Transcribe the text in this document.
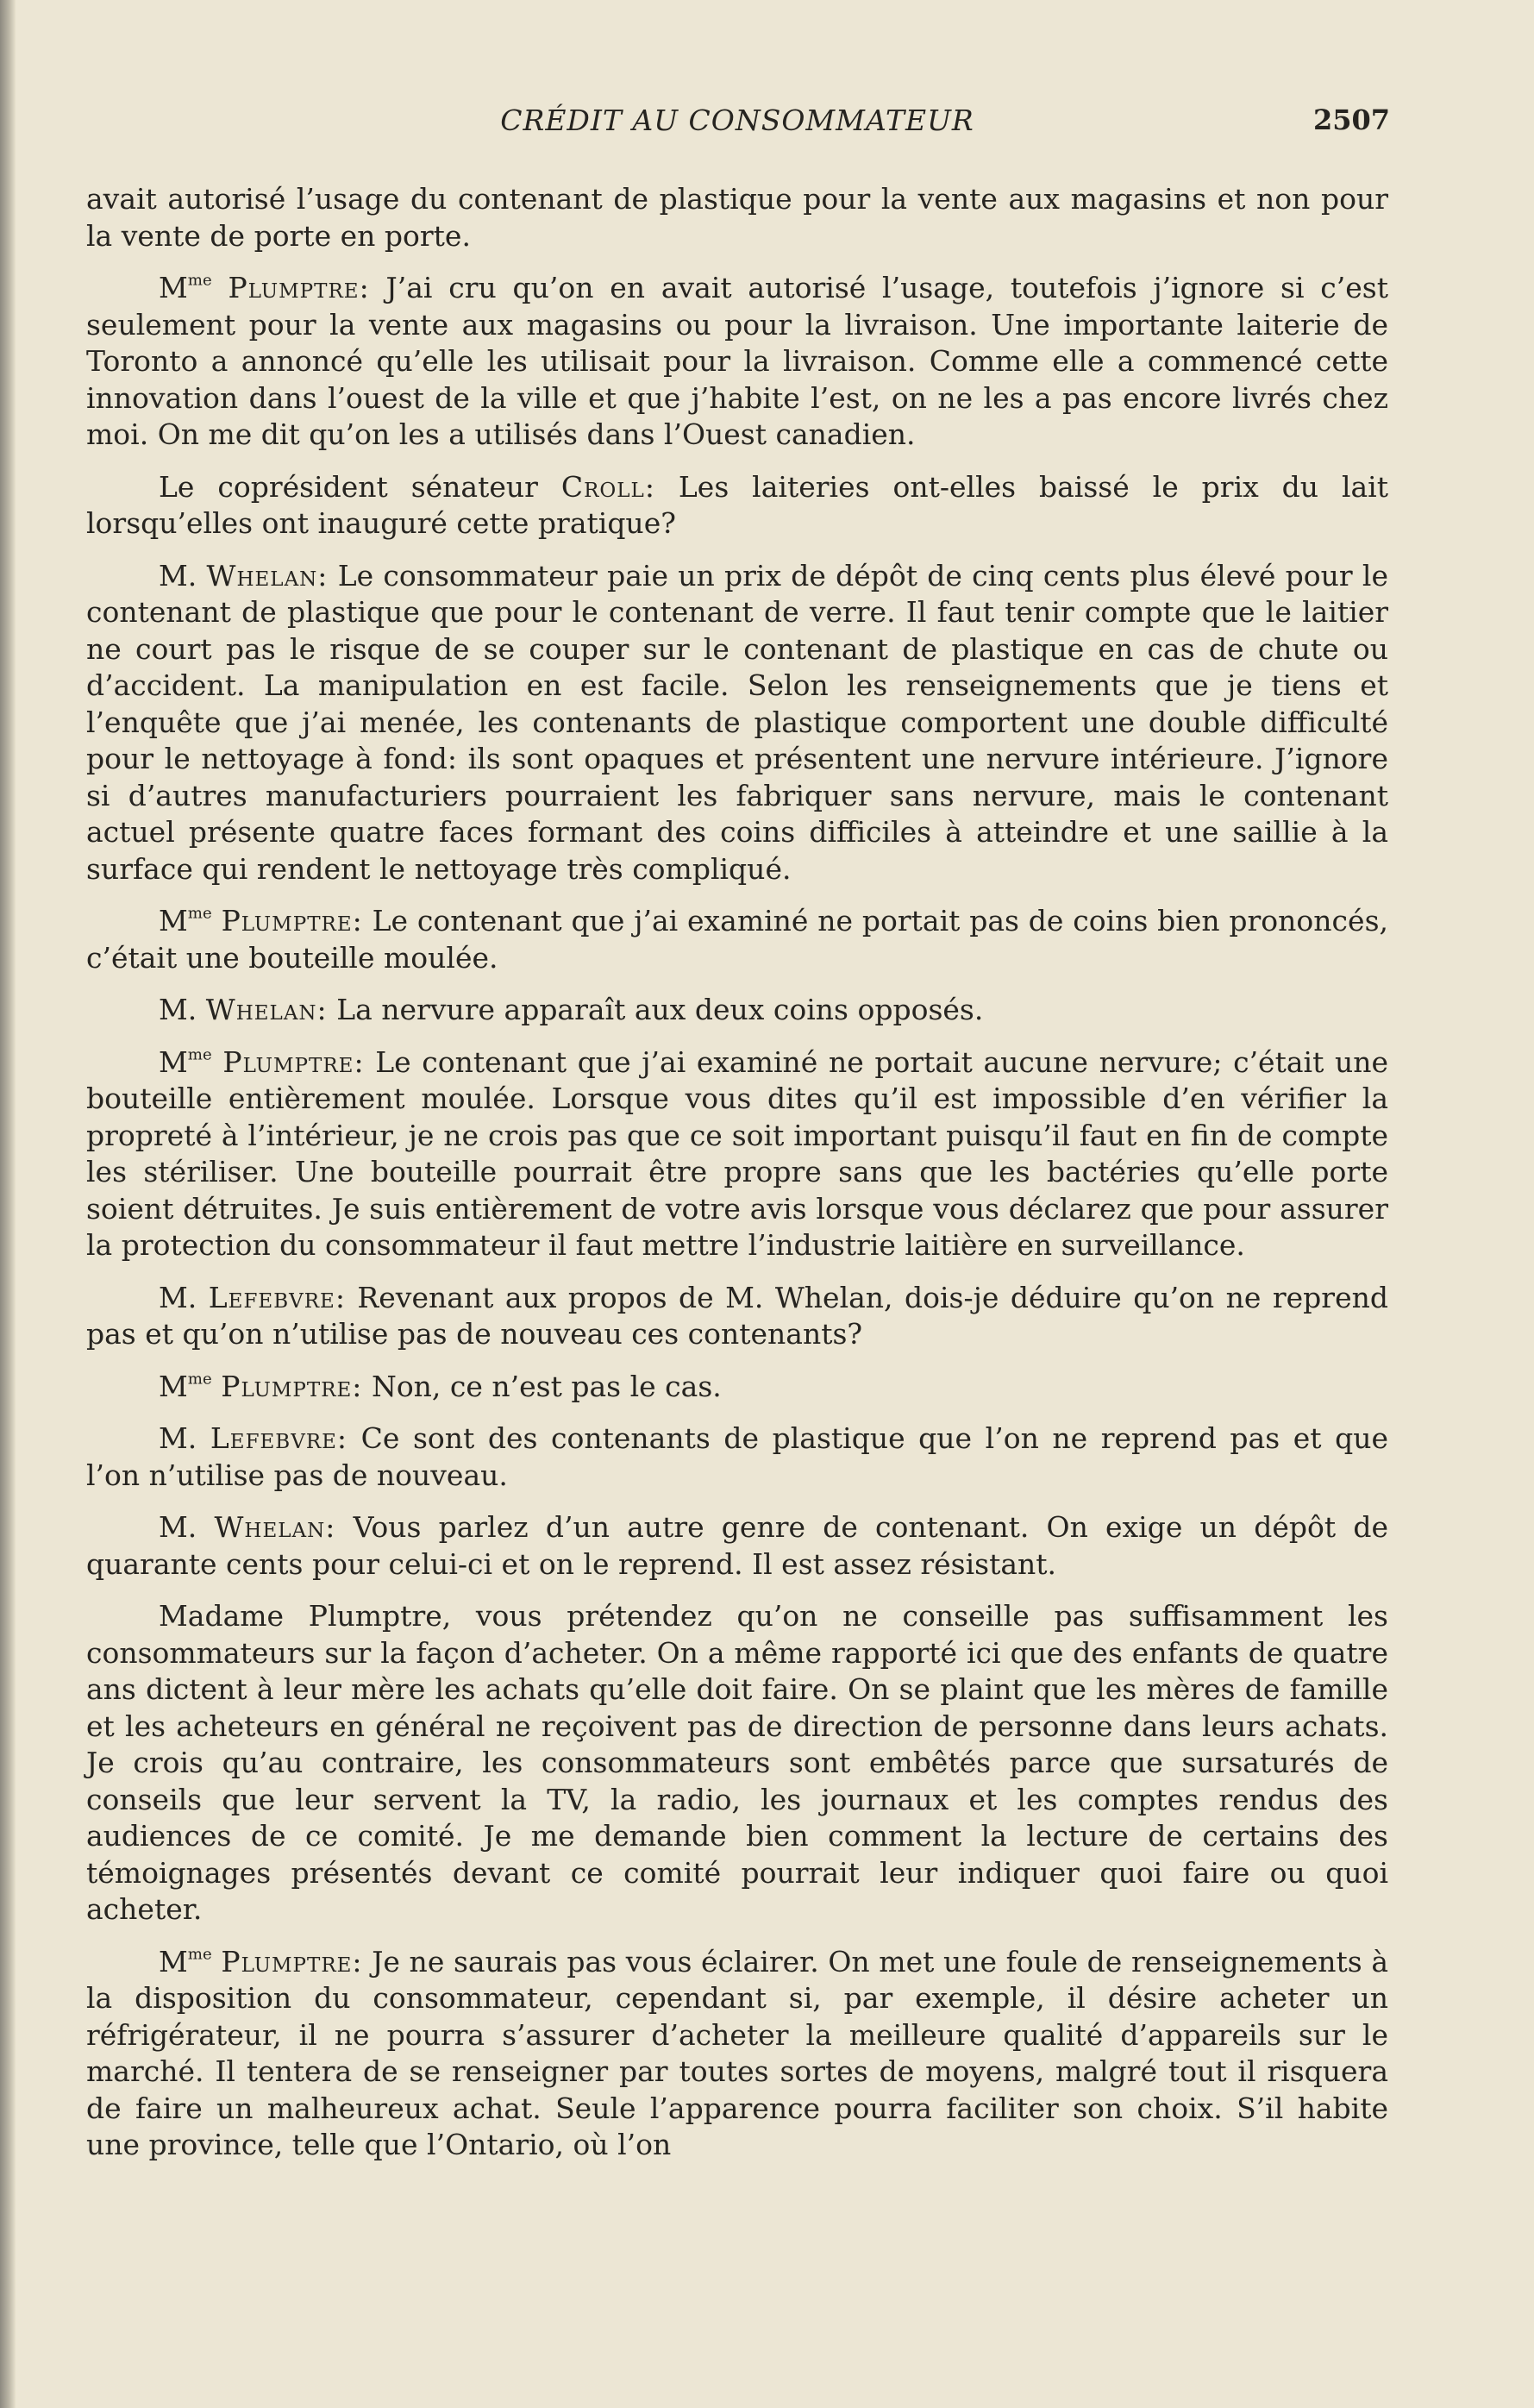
CRÉDIT AU CONSOMMATEUR	2507

avait autorisé l’usage du contenant de plastique pour la vente aux magasins et non pour la vente de porte en porte.

$M^{me}$ Plumptre: J’ai cru qu’on en avait autorisé l’usage, toutefois j’ignore si c’est seulement pour la vente aux magasins ou pour la livraison. Une importante laiterie de Toronto a annoncé qu’elle les utilisait pour la livraison. Comme elle a commencé cette innovation dans l’ouest de la ville et que j’habite l’est, on ne les a pas encore livrés chez moi. On me dit qu’on les a utilisés dans l’Ouest canadien.

Le coprésident sénateur Croll: Les laiteries ont-elles baissé le prix du lait lorsqu’elles ont inauguré cette pratique?

M. Whelan: Le consommateur paie un prix de dépôt de cinq cents plus élevé pour le contenant de plastique que pour le contenant de verre. Il faut tenir compte que le laitier ne court pas le risque de se couper sur le contenant de plastique en cas de chute ou d’accident. La manipulation en est facile. Selon les renseignements que je tiens et l’enquête que j’ai menée, les contenants de plastique comportent une double difficulté pour le nettoyage à fond: ils sont opaques et présentent une nervure intérieure. J’ignore si d’autres manufacturiers pourraient les fabriquer sans nervure, mais le contenant actuel présente quatre faces formant des coins difficiles à atteindre et une saillie à la surface qui rendent le nettoyage très compliqué.

$M^{me}$ Plumptre: Le contenant que j’ai examiné ne portait pas de coins bien prononcés, c’était une bouteille moulée.

M. Whelan: La nervure apparaît aux deux coins opposés.

$M^{me}$ Plumptre: Le contenant que j’ai examiné ne portait aucune nervure; c’était une bouteille entièrement moulée. Lorsque vous dites qu’il est impossible d’en vérifier la propreté à l’intérieur, je ne crois pas que ce soit important puisqu’il faut en fin de compte les stériliser. Une bouteille pourrait être propre sans que les bactéries qu’elle porte soient détruites. Je suis entièrement de votre avis lorsque vous déclarez que pour assurer la protection du consommateur il faut mettre l’industrie laitière en surveillance.

M. Lefebvre: Revenant aux propos de M. Whelan, dois-je déduire qu’on ne reprend pas et qu’on n’utilise pas de nouveau ces contenants?

$M^{me}$ Plumptre: Non, ce n’est pas le cas.

M. Lefebvre: Ce sont des contenants de plastique que l’on ne reprend pas et que l’on n’utilise pas de nouveau.

M. Whelan: Vous parlez d’un autre genre de contenant. On exige un dépôt de quarante cents pour celui-ci et on le reprend. Il est assez résistant.

Madame Plumptre, vous prétendez qu’on ne conseille pas suffisamment les consommateurs sur la façon d’acheter. On a même rapporté ici que des enfants de quatre ans dictent à leur mère les achats qu’elle doit faire. On se plaint que les mères de famille et les acheteurs en général ne reçoivent pas de direction de personne dans leurs achats. Je crois qu’au contraire, les consommateurs sont embêtés parce que sursaturés de conseils que leur servent la TV, la radio, les journaux et les comptes rendus des audiences de ce comité. Je me demande bien comment la lecture de certains des témoignages présentés devant ce comité pourrait leur indiquer quoi faire ou quoi acheter.

$M^{me}$ Plumptre: Je ne saurais pas vous éclairer. On met une foule de renseignements à la disposition du consommateur, cependant si, par exemple, il désire acheter un réfrigérateur, il ne pourra s’assurer d’acheter la meilleure qualité d’appareils sur le marché. Il tentera de se renseigner par toutes sortes de moyens, malgré tout il risquera de faire un malheureux achat. Seule l’apparence pourra faciliter son choix. S’il habite une province, telle que l’Ontario, où l’on
